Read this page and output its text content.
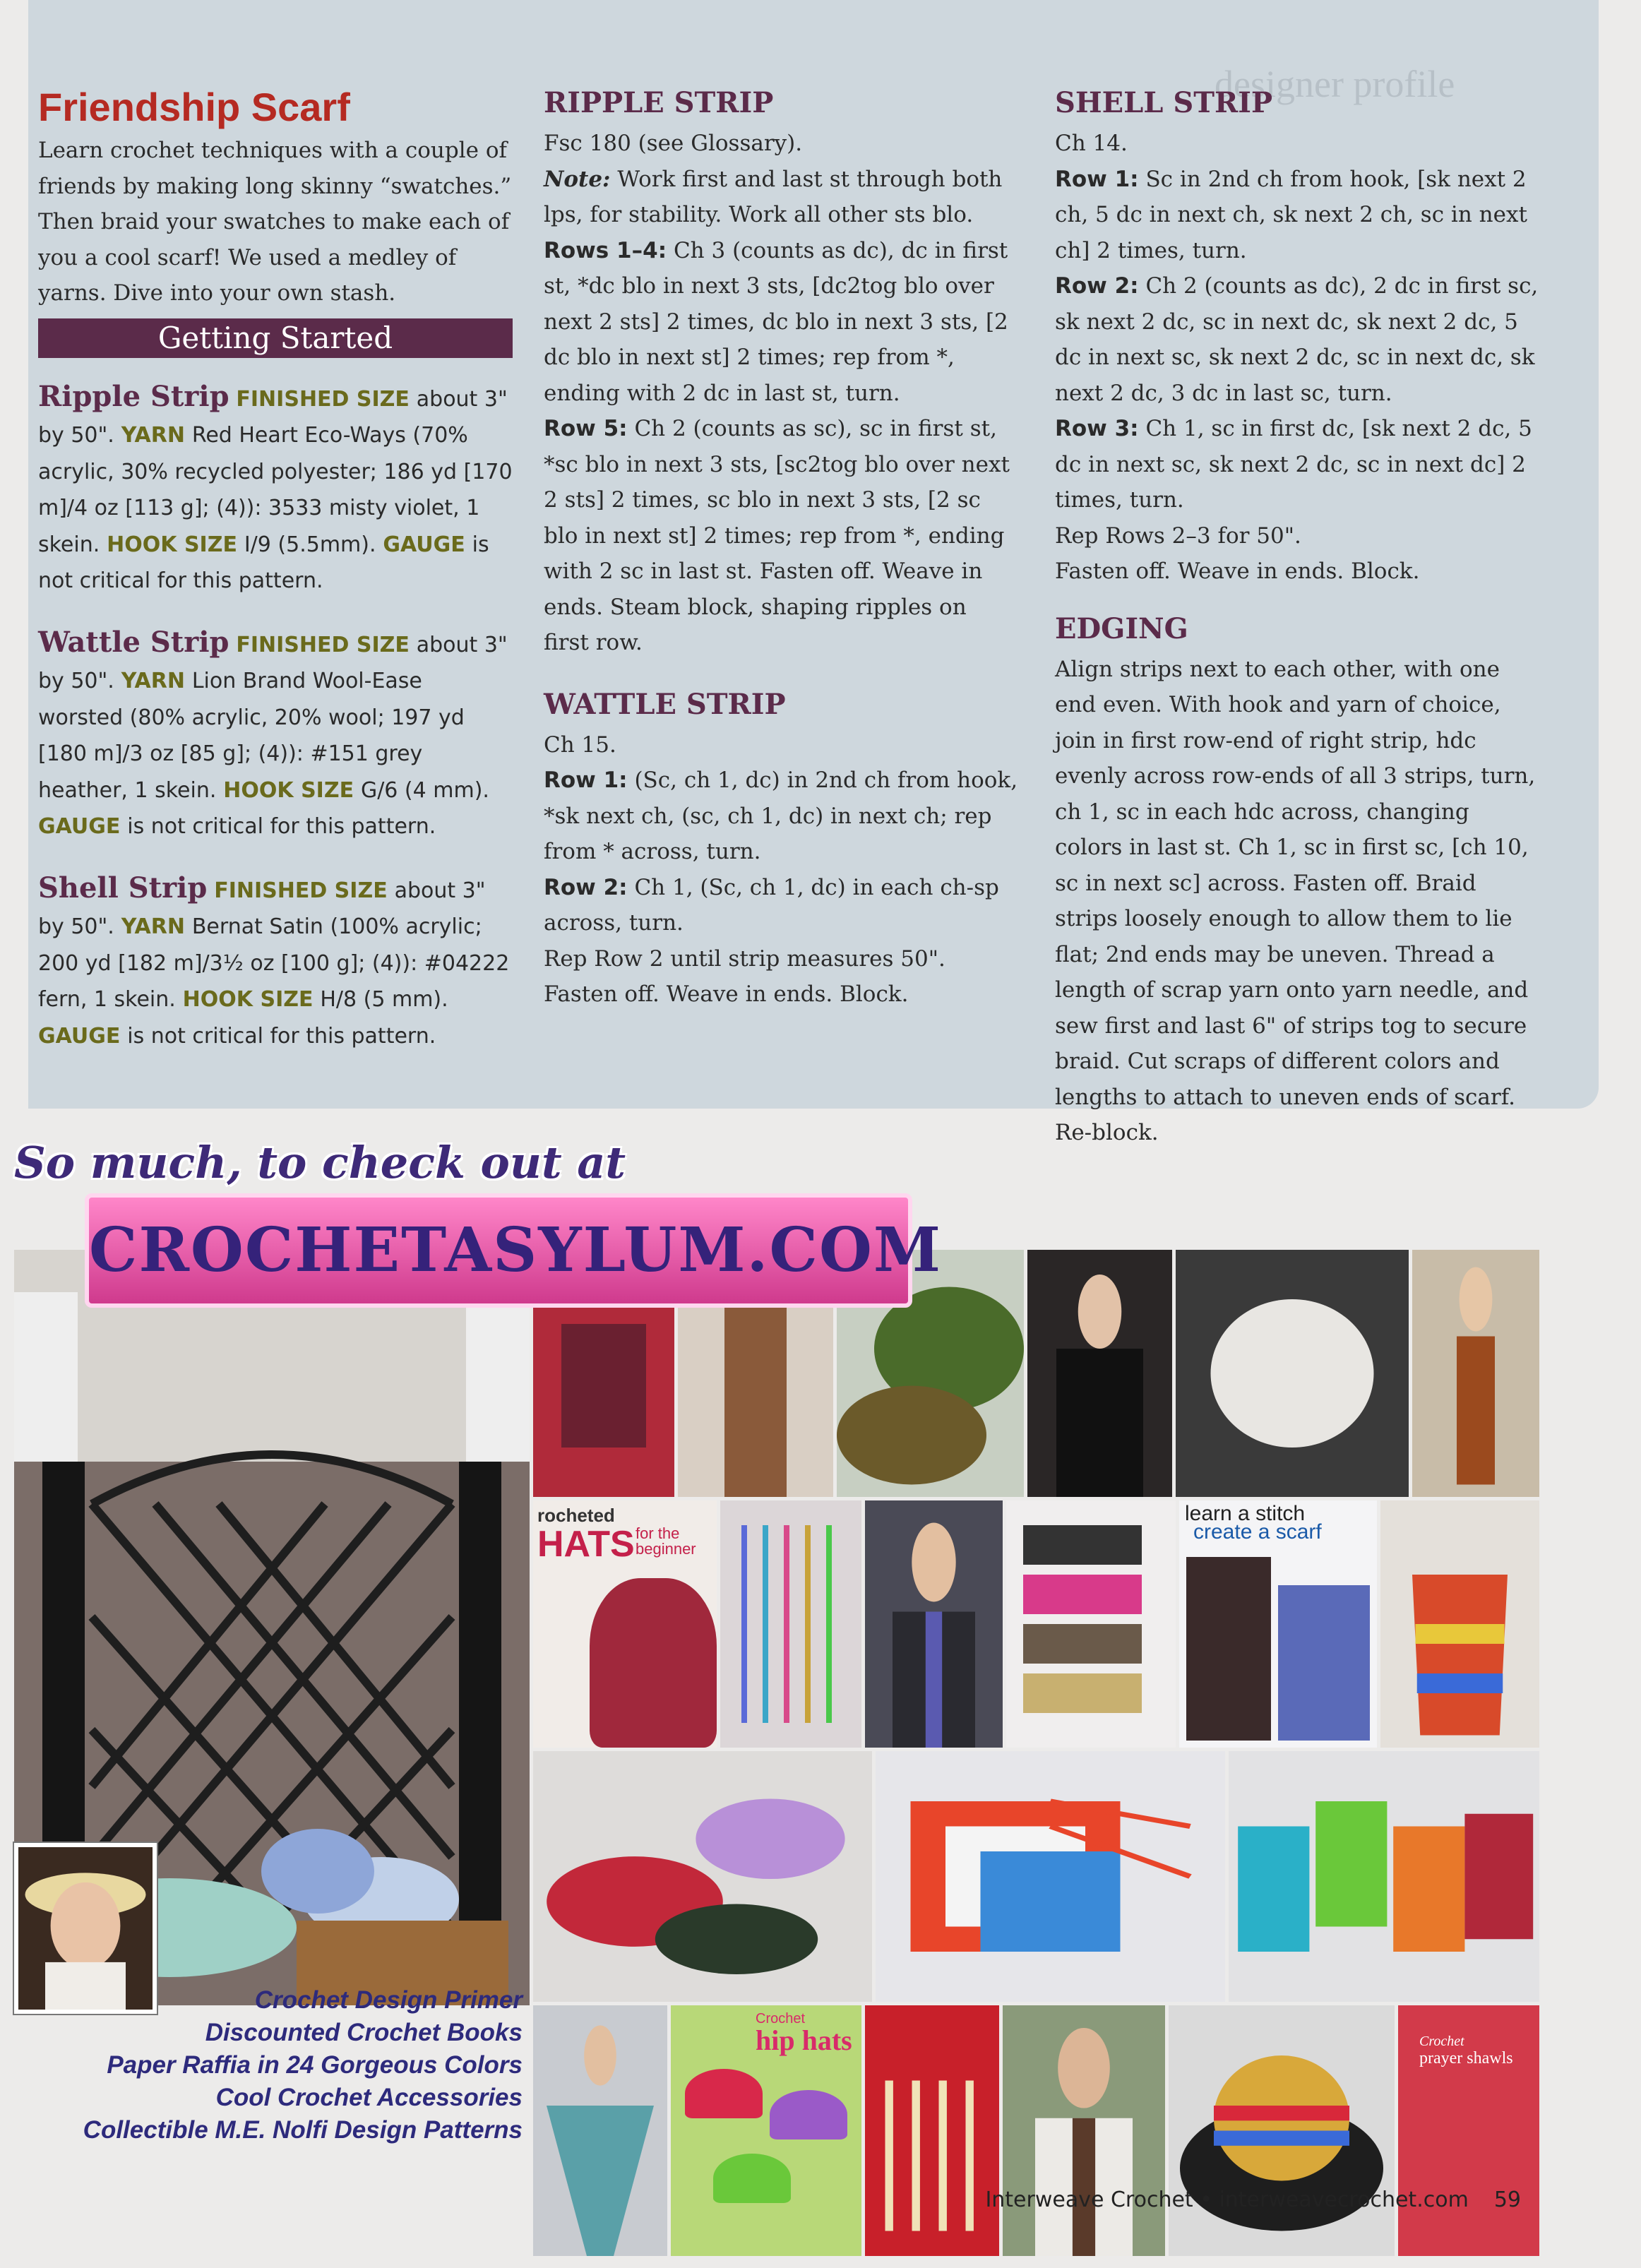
designer profile
Friendship Scarf

Learn crochet techniques with a couple of friends by making long skinny “swatches.” Then braid your swatches to make each of you a cool scarf! We used a medley of yarns. Dive into your own stash.

Getting Started

Ripple Strip FINISHED SIZE about 3" by 50". YARN Red Heart Eco-Ways (70% acrylic, 30% recycled polyester; 186 yd [170 m]/4 oz [113 g]; (4)): 3533 misty violet, 1 skein. HOOK SIZE I/9 (5.5mm). GAUGE is not critical for this pattern.

Wattle Strip FINISHED SIZE about 3" by 50". YARN Lion Brand Wool-Ease worsted (80% acrylic, 20% wool; 197 yd [180 m]/3 oz [85 g]; (4)): #151 grey heather, 1 skein. HOOK SIZE G/6 (4 mm). GAUGE is not critical for this pattern.

Shell Strip FINISHED SIZE about 3" by 50". YARN Bernat Satin (100% acrylic; 200 yd [182 m]/3½ oz [100 g]; (4)): #04222 fern, 1 skein. HOOK SIZE H/8 (5 mm). GAUGE is not critical for this pattern.

RIPPLE STRIP

Fsc 180 (see Glossary).

Note: Work first and last st through both lps, for stability. Work all other sts blo.

Rows 1–4: Ch 3 (counts as dc), dc in first st, *dc blo in next 3 sts, [dc2tog blo over next 2 sts] 2 times, dc blo in next 3 sts, [2 dc blo in next st] 2 times; rep from *, ending with 2 dc in last st, turn.

Row 5: Ch 2 (counts as sc), sc in first st, *sc blo in next 3 sts, [sc2tog blo over next 2 sts] 2 times, sc blo in next 3 sts, [2 sc blo in next st] 2 times; rep from *, ending with 2 sc in last st. Fasten off. Weave in ends. Steam block, shaping ripples on first row.

WATTLE STRIP

Ch 15.

Row 1: (Sc, ch 1, dc) in 2nd ch from hook, *sk next ch, (sc, ch 1, dc) in next ch; rep from * across, turn.

Row 2: Ch 1, (Sc, ch 1, dc) in each ch-sp across, turn.

Rep Row 2 until strip measures 50".

Fasten off. Weave in ends. Block.

SHELL STRIP

Ch 14.

Row 1: Sc in 2nd ch from hook, [sk next 2 ch, 5 dc in next ch, sk next 2 ch, sc in next ch] 2 times, turn.

Row 2: Ch 2 (counts as dc), 2 dc in first sc, sk next 2 dc, sc in next dc, sk next 2 dc, 5 dc in next sc, sk next 2 dc, sc in next dc, sk next 2 dc, 3 dc in last sc, turn.

Row 3: Ch 1, sc in first dc, [sk next 2 dc, 5 dc in next sc, sk next 2 dc, sc in next dc] 2 times, turn.

Rep Rows 2–3 for 50".

Fasten off. Weave in ends. Block.

EDGING

Align strips next to each other, with one end even. With hook and yarn of choice, join in first row-end of right strip, hdc evenly across row-ends of all 3 strips, turn, ch 1, sc in each hdc across, changing colors in last st. Ch 1, sc in first sc, [ch 10, sc in next sc] across. Fasten off. Braid strips loosely enough to allow them to lie flat; 2nd ends may be uneven. Thread a length of scrap yarn onto yarn needle, and sew first and last 6" of strips tog to secure braid. Cut scraps of different colors and lengths to attach to uneven ends of scarf. Re-block.

rocheted
HATS for the
beginner
learn a stitch
create a scarf
Crochet
hip hats	Crochet
prayer shawls
So much, to check out at
CROCHETASYLUM.COM
Crochet Design Primer
Discounted Crochet Books
Paper Raffia in 24 Gorgeous Colors
Cool Crochet Accessories
Collectible M.E. Nolfi Design Patterns
Interweave Crochet • interweavecrochet.com 59
